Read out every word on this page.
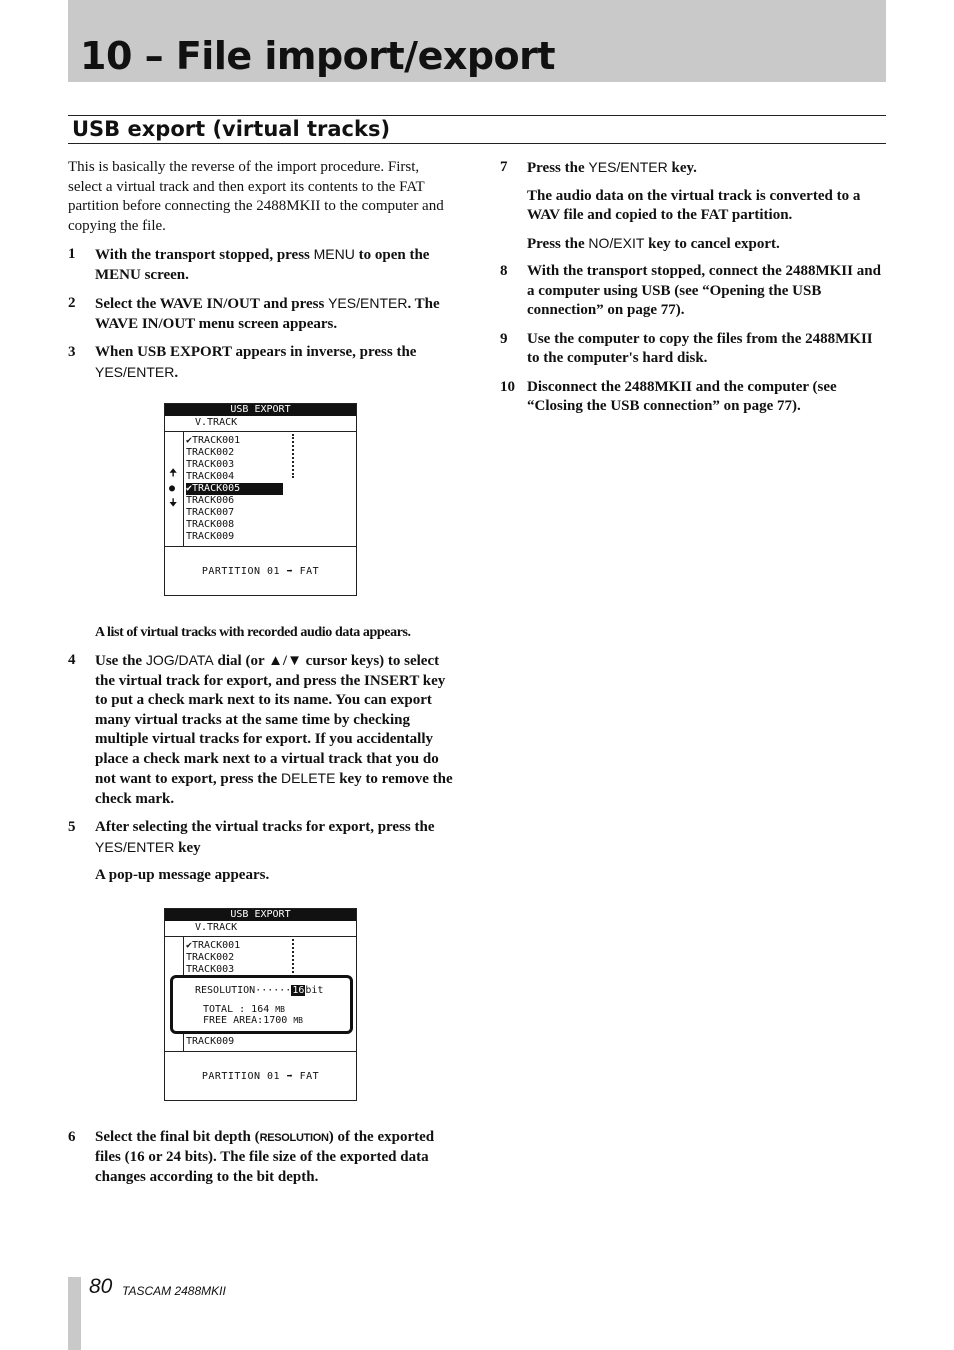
10 – File import/export
USB export (virtual tracks)

This is basically the reverse of the import procedure. First, select a virtual track and then export its contents to the FAT partition before connecting the 2488MKII to the computer and copying the file.

1 With the transport stopped, press MENU to open the MENU screen.
2 Select the WAVE IN/OUT and press YES/ENTER. The WAVE IN/OUT menu screen appears.
3 When USB EXPORT appears in inverse, press the YES/ENTER.
USB EXPORT
V.TRACK
✔TRACK001
TRACK002
TRACK003
TRACK004
✔TRACK005
TRACK006
TRACK007
TRACK008
TRACK009
🠉
●
🠋
PARTITION 01 ➡ FAT
A list of virtual tracks with recorded audio data appears.
4 Use the JOG/DATA dial (or ▲/▼ cursor keys) to select the virtual track for export, and press the INSERT key to put a check mark next to its name. You can export many virtual tracks at the same time by checking multiple virtual tracks for export. If you accidentally place a check mark next to a virtual track that you do not want to export, press the DELETE key to remove the check mark.
5 After selecting the virtual tracks for export, press the YES/ENTER key
A pop-up message appears.
USB EXPORT
V.TRACK
✔TRACK001
TRACK002
TRACK003
RESOLUTION······16bit
TOTAL : 164 MB
FREE AREA:1700 MB
TRACK009
PARTITION 01 ➡ FAT
6 Select the final bit depth (RESOLUTION) of the exported files (16 or 24 bits). The file size of the exported data changes according to the bit depth.
7 Press the YES/ENTER key.
The audio data on the virtual track is converted to a WAV file and copied to the FAT partition.
Press the NO/EXIT key to cancel export.
8 With the transport stopped, connect the 2488MKII and a computer using USB (see “Opening the USB connection” on page 77).
9 Use the computer to copy the files from the 2488MKII to the computer's hard disk.
10 Disconnect the 2488MKII and the computer (see “Closing the USB connection” on page 77).
80 TASCAM 2488MKII
